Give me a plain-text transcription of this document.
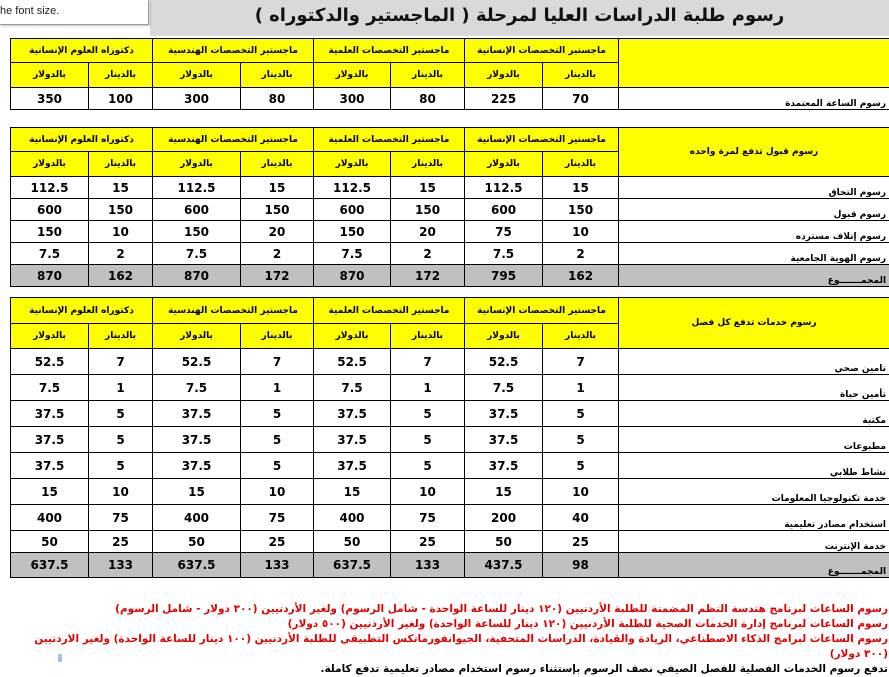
he font size.	رسوم طلبة الدراسات العليا لمرحلة ( الماجستير والدكتوراه )
	ماجستير التخصصات الإنسانية		ماجستير التخصصات العلمية		ماجستير التخصصات الهندسية		دكتوراه العلوم الإنسانية	
	بالدينار	بالدولار	بالدينار	بالدولار	بالدينار	بالدولار	بالدينار	بالدولار
رسوم الساعة المعتمدة	70	225	80	300	80	300	100	350
رسوم قبول تدفع لمرة واحده	ماجستير التخصصات الإنسانية		ماجستير التخصصات العلمية		ماجستير التخصصات الهندسية		دكتوراه العلوم الإنسانية	
	بالدينار	بالدولار	بالدينار	بالدولار	بالدينار	بالدولار	بالدينار	بالدولار
رسوم التحاق	15	112.5	15	112.5	15	112.5	15	112.5
رسوم قبول	150	600	150	600	150	600	150	600
رسوم إتلاف مسترده	10	75	20	150	20	150	10	150
رسوم الهوية الجامعية	2	7.5	2	7.5	2	7.5	2	7.5
المجمـــــــوع	162	795	172	870	172	870	162	870
رسوم خدمات تدفع كل فصل	ماجستير التخصصات الإنسانية		ماجستير التخصصات العلمية		ماجستير التخصصات الهندسية		دكتوراه العلوم الإنسانية	
	بالدينار	بالدولار	بالدينار	بالدولار	بالدينار	بالدولار	بالدينار	بالدولار
تامين صحي	7	52.5	7	52.5	7	52.5	7	52.5
تأمين حياة	1	7.5	1	7.5	1	7.5	1	7.5
مكتبة	5	37.5	5	37.5	5	37.5	5	37.5
مطبوعات	5	37.5	5	37.5	5	37.5	5	37.5
نشاط طلابي	5	37.5	5	37.5	5	37.5	5	37.5
خدمة تكنولوجيا المعلومات	10	15	10	15	10	15	10	15
استخدام مصادر تعليمية	40	200	75	400	75	400	75	400
خدمة الإنترنت	25	50	25	50	25	50	25	50
المجمـــــــوع	98	437.5	133	637.5	133	637.5	133	637.5
رسوم الساعات لبرنامج هندسة النظم المضمنة للطلبة الأردنيين (١٢٠ دينار للساعة الواحدة - شامل الرسوم) ولغير الأردنيين (٣٠٠ دولار - شامل الرسوم)
رسوم الساعات لبرنامج إدارة الخدمات الصحية للطلبة الأردنيين (١٢٠ دينار للساعة الواحدة) ولغير الأردنيين (٥٠٠ دولار)
رسوم الساعات لبرامج الذكاء الاصطناعي، الريادة والقيادة، الدراسات المتحفية، الجيوانفورماتكس التطبيقي للطلبة الأردنيين (١٠٠ دينار للساعة الواحدة) ولغير الاردنيين (٣٠٠ دولار)
تدفع رسوم الخدمات الفصلية للفصل الصيفي نصف الرسوم بإستثناء رسوم استخدام مصادر تعليمية تدفع كاملة.
